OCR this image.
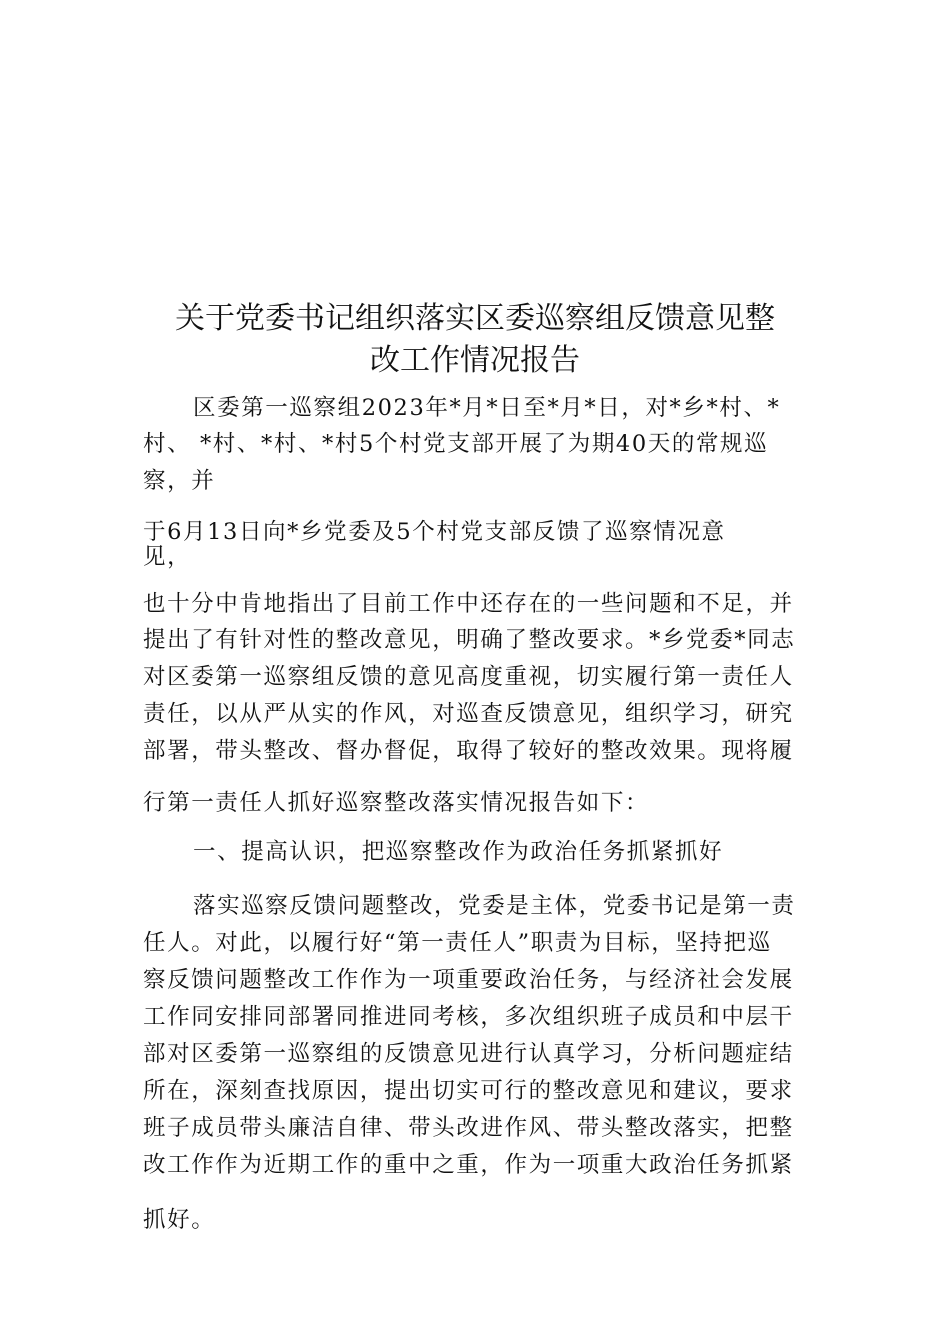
关于党委书记组织落实区委巡察组反馈意见整
改工作情况报告
区委第一巡察组2023年*月*日至*月*日，对*乡*村、*
村、 *村、*村、*村5个村党支部开展了为期40天的常规巡
察，并
于6月13日向*乡党委及5个村党支部反馈了巡察情况意
见，
也十分中肯地指出了目前工作中还存在的一些问题和不足，并
提出了有针对性的整改意见，明确了整改要求。*乡党委*同志
对区委第一巡察组反馈的意见高度重视，切实履行第一责任人
责任，以从严从实的作风，对巡查反馈意见，组织学习，研究
部署，带头整改、督办督促，取得了较好的整改效果。现将履
行第一责任人抓好巡察整改落实情况报告如下：
一、提高认识，把巡察整改作为政治任务抓紧抓好
落实巡察反馈问题整改，党委是主体，党委书记是第一责
任人。对此，以履行好“第一责任人”职责为目标，坚持把巡
察反馈问题整改工作作为一项重要政治任务，与经济社会发展
工作同安排同部署同推进同考核，多次组织班子成员和中层干
部对区委第一巡察组的反馈意见进行认真学习，分析问题症结
所在，深刻查找原因，提出切实可行的整改意见和建议，要求
班子成员带头廉洁自律、带头改进作风、带头整改落实，把整
改工作作为近期工作的重中之重，作为一项重大政治任务抓紧
抓好。
